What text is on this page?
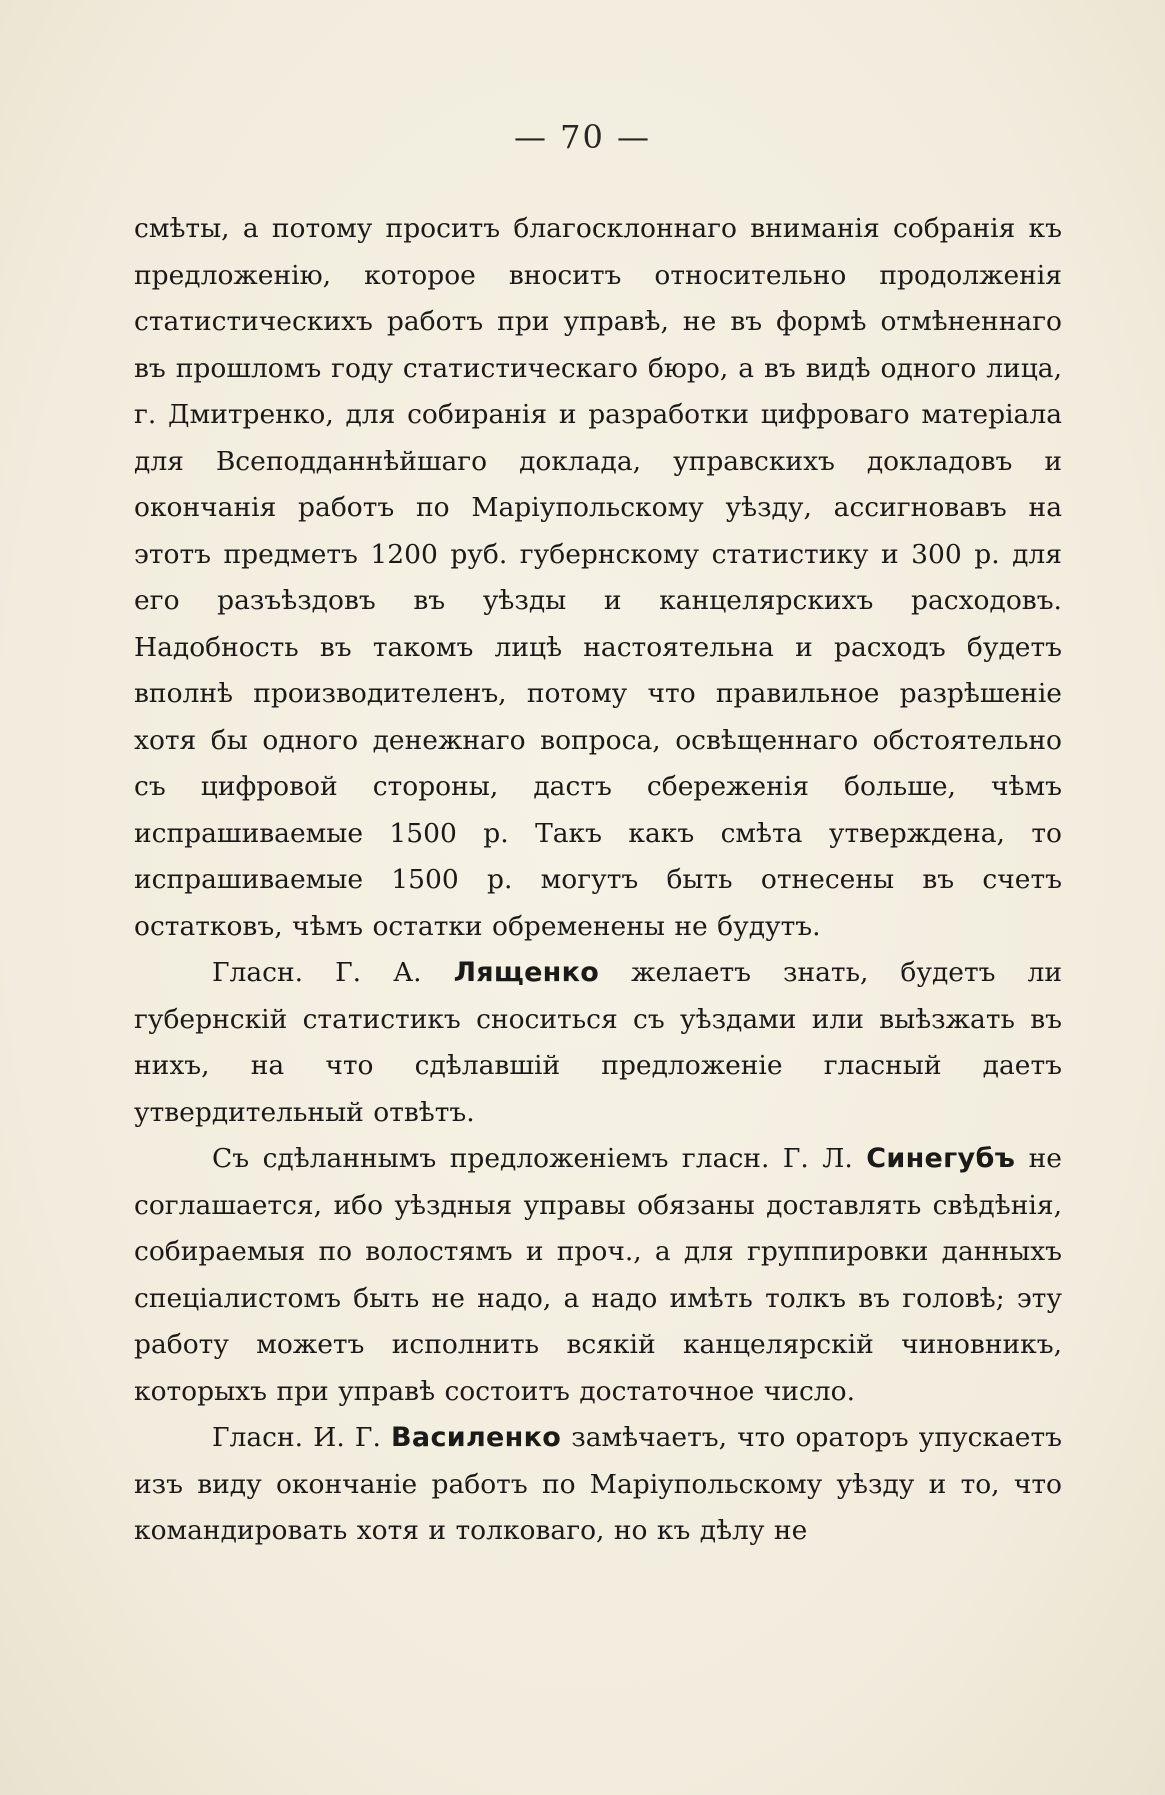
— 70 —

смѣты, а потому проситъ благосклоннаго вниманія собранія къ предложенію, которое вноситъ относительно продолженія статистическихъ работъ при управѣ, не въ формѣ отмѣненнаго въ прошломъ году статистическаго бюро, а въ видѣ одного лица, г. Дмитренко, для собиранія и разработки цифроваго матеріала для Всеподданнѣйшаго доклада, управскихъ докладовъ и окончанія работъ по Маріупольскому уѣзду, ассигновавъ на этотъ предметъ 1200 руб. губернскому статистику и 300 р. для его разъѣздовъ въ уѣзды и канцелярскихъ расходовъ. Надобность въ такомъ лицѣ настоятельна и расходъ будетъ вполнѣ производителенъ, потому что правильное разрѣшеніе хотя бы одного денежнаго вопроса, освѣщеннаго обстоятельно съ цифровой стороны, дастъ сбереженія больше, чѣмъ испрашиваемые 1500 р. Такъ какъ смѣта утверждена, то испрашиваемые 1500 р. могутъ быть отнесены въ счетъ остатковъ, чѣмъ остатки обременены не будутъ.

Гласн. Г. А. Лященко желаетъ знать, будетъ ли губернскій статистикъ сноситься съ уѣздами или выѣзжать въ нихъ, на что сдѣлавшій предложеніе гласный даетъ утвердительный отвѣтъ.

Съ сдѣланнымъ предложеніемъ гласн. Г. Л. Синегубъ не соглашается, ибо уѣздныя управы обязаны доставлять свѣдѣнія, собираемыя по волостямъ и проч., а для группировки данныхъ спеціалистомъ быть не надо, а надо имѣть толкъ въ головѣ; эту работу можетъ исполнить всякій канцелярскій чиновникъ, которыхъ при управѣ состоитъ достаточное число.

Гласн. И. Г. Василенко замѣчаетъ, что ораторъ упускаетъ изъ виду окончаніе работъ по Маріупольскому уѣзду и то, что командировать хотя и толковаго, но къ дѣлу не
